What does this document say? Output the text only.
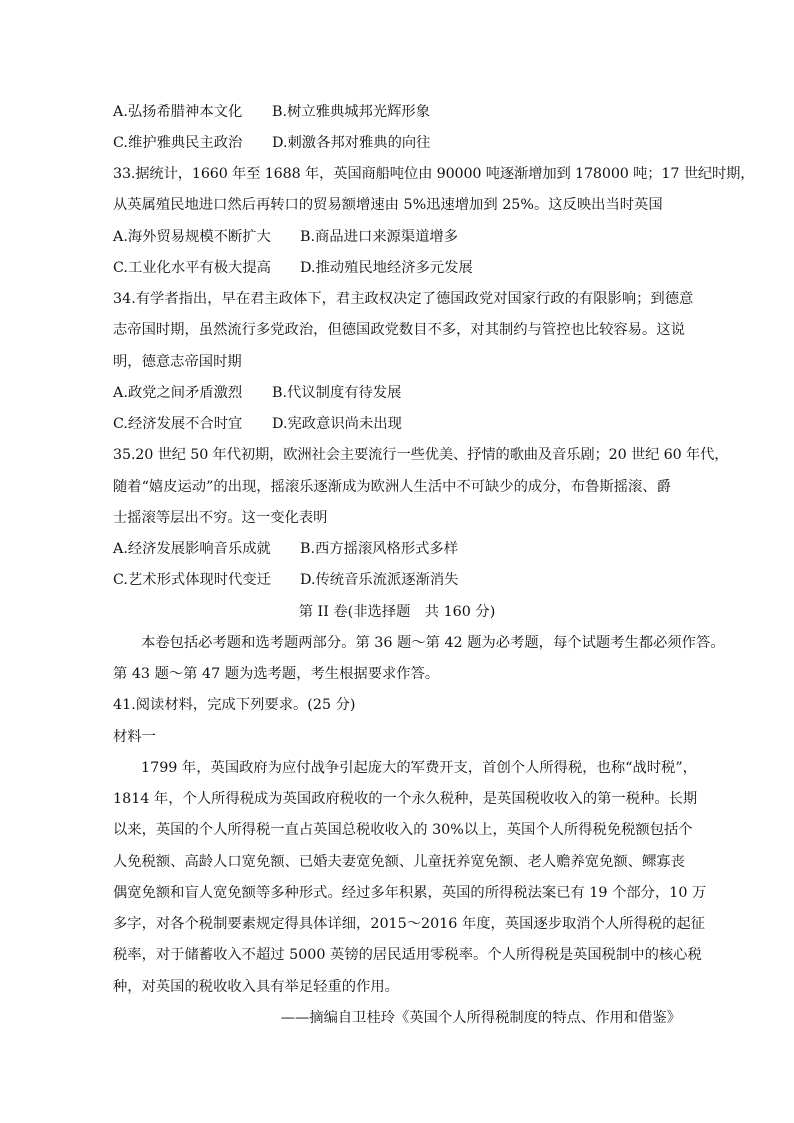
A.弘扬希腊神本文化 B.树立雅典城邦光辉形象
C.维护雅典民主政治 D.刺激各邦对雅典的向往
33.据统计，1660 年至 1688 年，英国商船吨位由 90000 吨逐渐增加到 178000 吨；17 世纪时期，
从英属殖民地进口然后再转口的贸易额增速由 5%迅速增加到 25%。这反映出当时英国
A.海外贸易规模不断扩大 B.商品进口来源渠道增多
C.工业化水平有极大提高 D.推动殖民地经济多元发展
34.有学者指出，早在君主政体下，君主政权决定了德国政党对国家行政的有限影响；到德意
志帝国时期，虽然流行多党政治，但德国政党数目不多，对其制约与管控也比较容易。这说
明，德意志帝国时期
A.政党之间矛盾激烈 B.代议制度有待发展
C.经济发展不合时宜 D.宪政意识尚未出现
35.20 世纪 50 年代初期，欧洲社会主要流行一些优美、抒情的歌曲及音乐剧；20 世纪 60 年代，
随着“嬉皮运动”的出现，摇滚乐逐渐成为欧洲人生活中不可缺少的成分，布鲁斯摇滚、爵
士摇滚等层出不穷。这一变化表明
A.经济发展影响音乐成就 B.西方摇滚风格形式多样
C.艺术形式体现时代变迁 D.传统音乐流派逐渐消失
第 II 卷(非选择题　共 160 分)
本卷包括必考题和选考题两部分。第 36 题～第 42 题为必考题，每个试题考生都必须作答。
第 43 题～第 47 题为选考题，考生根据要求作答。
41.阅读材料，完成下列要求。(25 分)
材料一
1799 年，英国政府为应付战争引起庞大的军费开支，首创个人所得税，也称“战时税”，
1814 年，个人所得税成为英国政府税收的一个永久税种，是英国税收收入的第一税种。长期
以来，英国的个人所得税一直占英国总税收收入的 30%以上，英国个人所得税免税额包括个
人免税额、高龄人口宽免额、已婚夫妻宽免额、儿童抚养宽免额、老人赡养宽免额、鳏寡丧
偶宽免额和盲人宽免额等多种形式。经过多年积累，英国的所得税法案已有 19 个部分，10 万
多字，对各个税制要素规定得具体详细，2015～2016 年度，英国逐步取消个人所得税的起征
税率，对于储蓄收入不超过 5000 英镑的居民适用零税率。个人所得税是英国税制中的核心税
种，对英国的税收收入具有举足轻重的作用。
——摘编自卫桂玲《英国个人所得税制度的特点、作用和借鉴》
